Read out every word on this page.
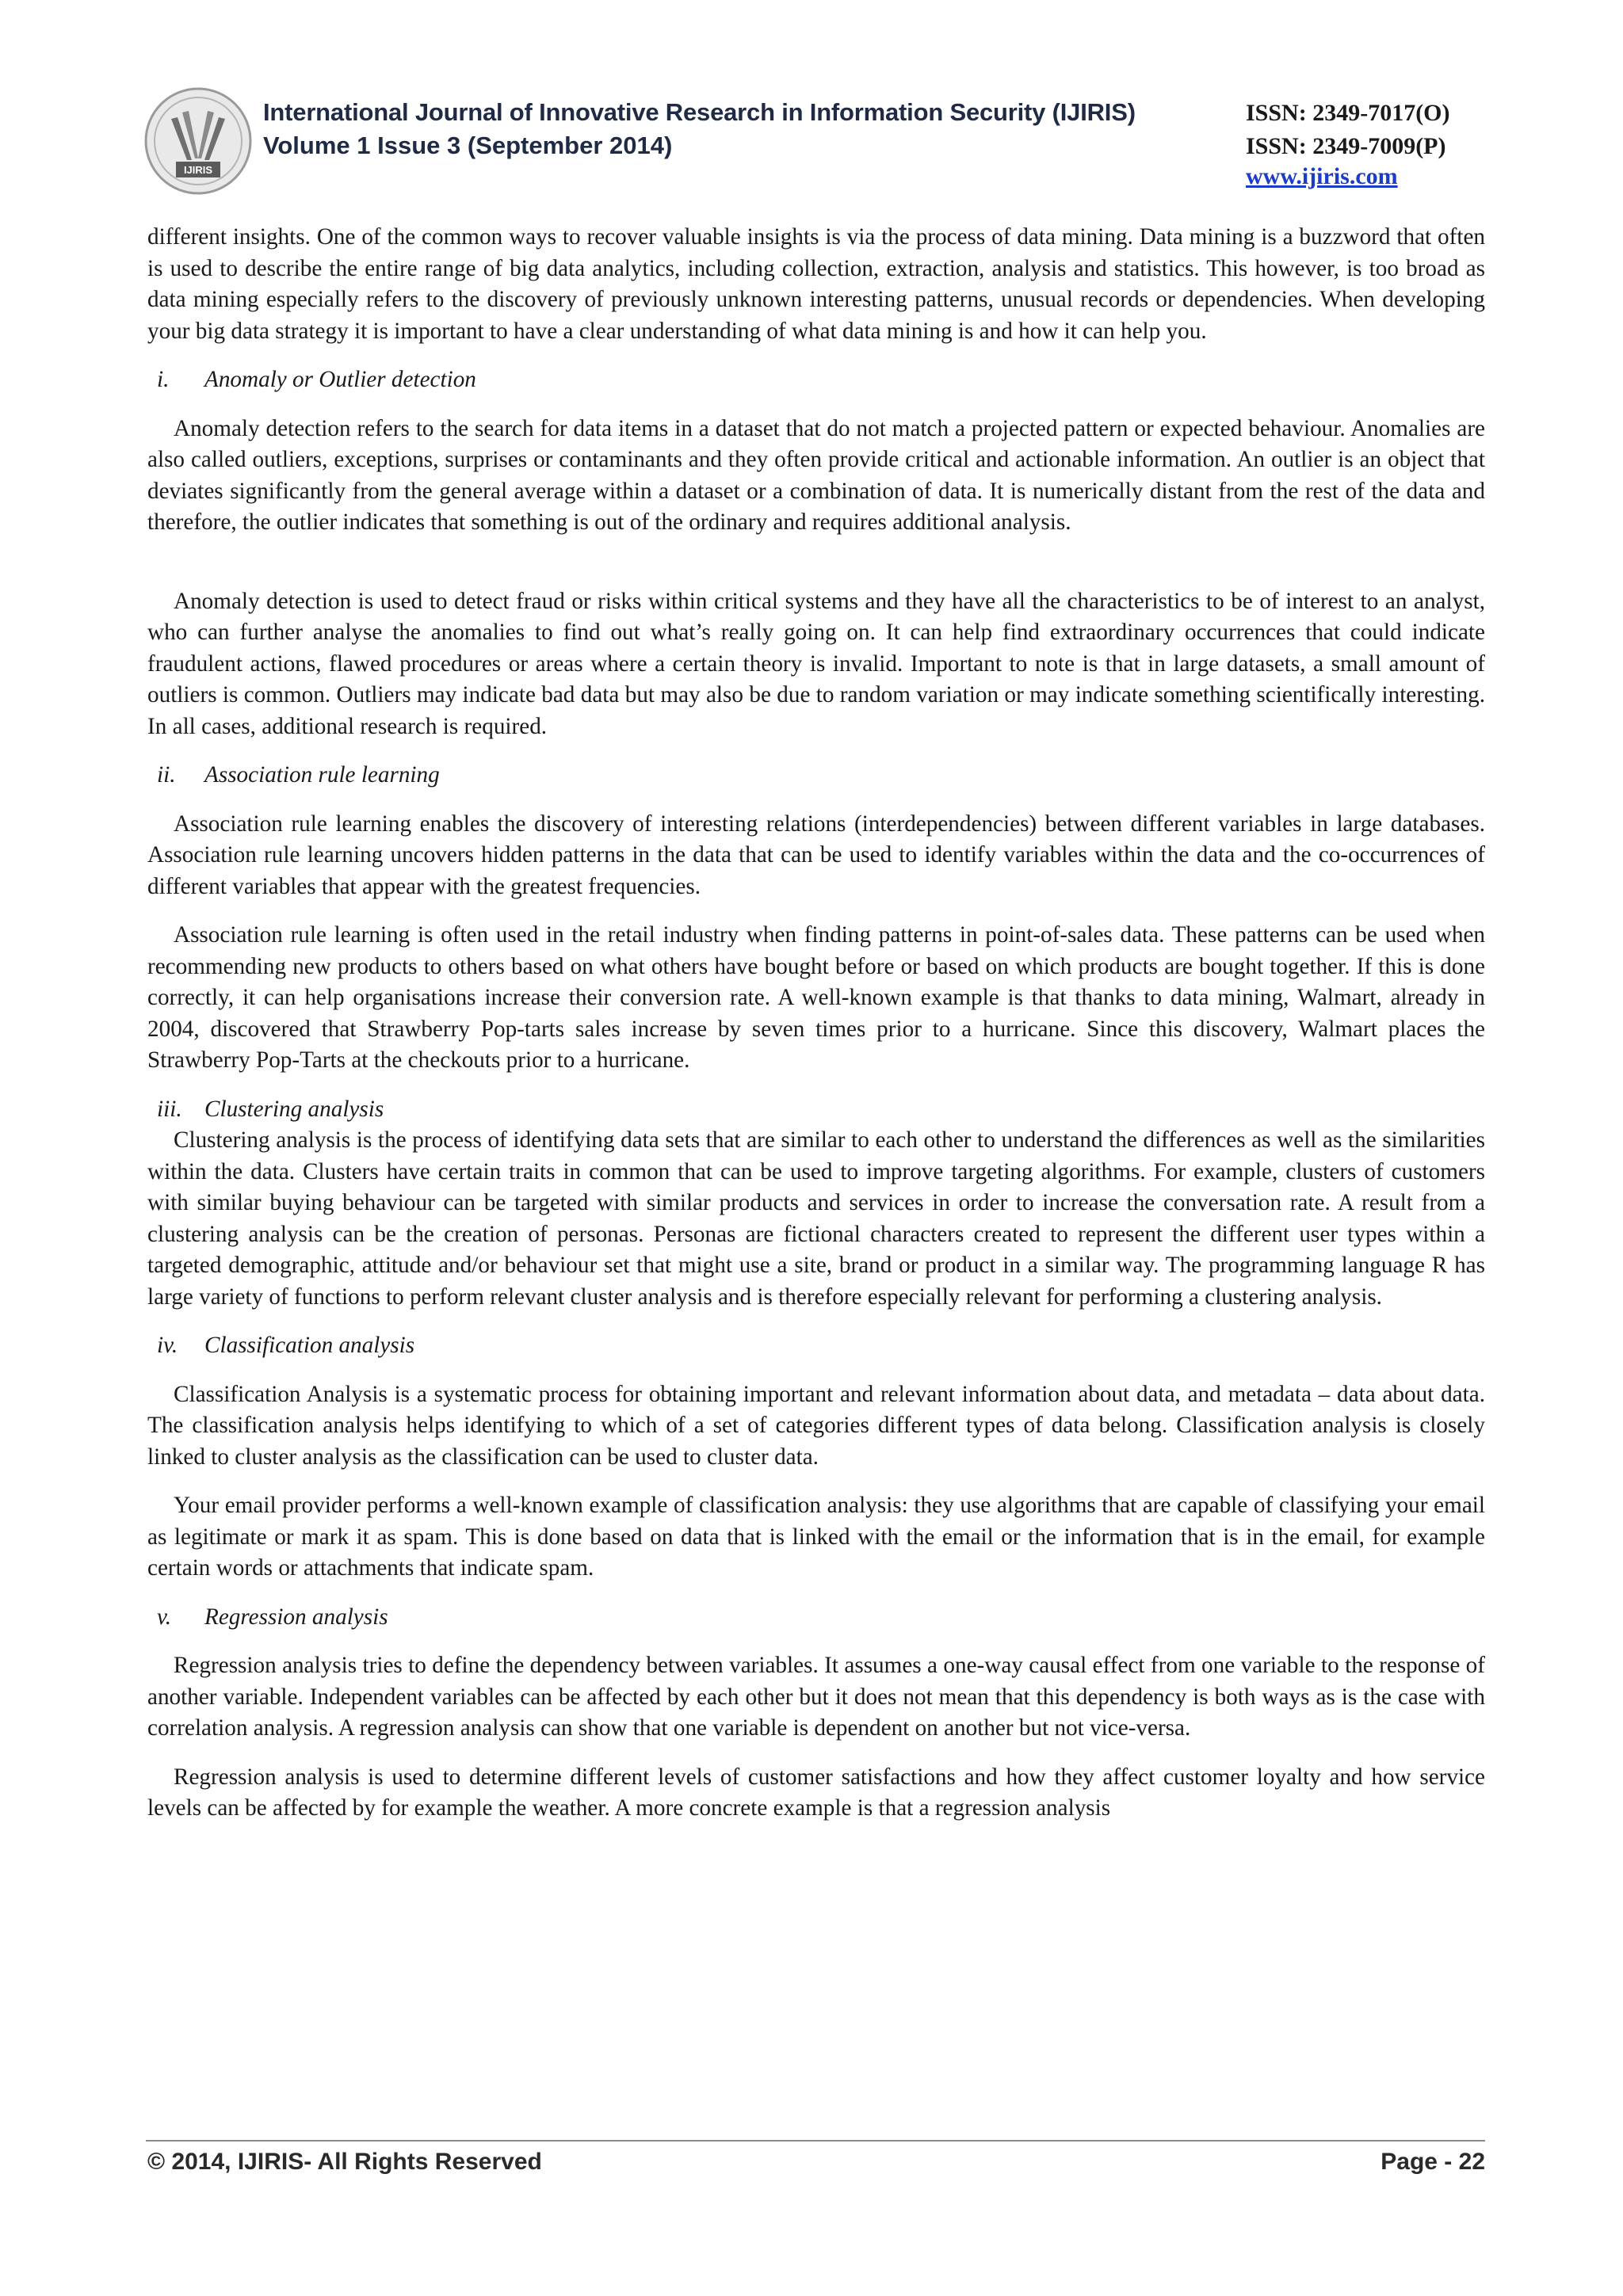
IJIRIS
International Journal of Innovative Research in Information Security (IJIRIS)
Volume 1 Issue 3 (September 2014)
ISSN: 2349-7017(O)
ISSN: 2349-7009(P)
www.ijiris.com

different insights. One of the common ways to recover valuable insights is via the process of data mining. Data mining is a buzzword that often is used to describe the entire range of big data analytics, including collection, extraction, analysis and statistics. This however, is too broad as data mining especially refers to the discovery of previously unknown interesting patterns, unusual records or dependencies. When developing your big data strategy it is important to have a clear understanding of what data mining is and how it can help you.

i. Anomaly or Outlier detection

Anomaly detection refers to the search for data items in a dataset that do not match a projected pattern or expected behaviour. Anomalies are also called outliers, exceptions, surprises or contaminants and they often provide critical and actionable information. An outlier is an object that deviates significantly from the general average within a dataset or a combination of data. It is numerically distant from the rest of the data and therefore, the outlier indicates that something is out of the ordinary and requires additional analysis.

Anomaly detection is used to detect fraud or risks within critical systems and they have all the characteristics to be of interest to an analyst, who can further analyse the anomalies to find out what’s really going on. It can help find extraordinary occurrences that could indicate fraudulent actions, flawed procedures or areas where a certain theory is invalid. Important to note is that in large datasets, a small amount of outliers is common. Outliers may indicate bad data but may also be due to random variation or may indicate something scientifically interesting. In all cases, additional research is required.

ii. Association rule learning

Association rule learning enables the discovery of interesting relations (interdependencies) between different variables in large databases. Association rule learning uncovers hidden patterns in the data that can be used to identify variables within the data and the co-occurrences of different variables that appear with the greatest frequencies.

Association rule learning is often used in the retail industry when finding patterns in point-of-sales data. These patterns can be used when recommending new products to others based on what others have bought before or based on which products are bought together. If this is done correctly, it can help organisations increase their conversion rate. A well-known example is that thanks to data mining, Walmart, already in 2004, discovered that Strawberry Pop-tarts sales increase by seven times prior to a hurricane. Since this discovery, Walmart places the Strawberry Pop-Tarts at the checkouts prior to a hurricane.

iii. Clustering analysis

Clustering analysis is the process of identifying data sets that are similar to each other to understand the differences as well as the similarities within the data. Clusters have certain traits in common that can be used to improve targeting algorithms. For example, clusters of customers with similar buying behaviour can be targeted with similar products and services in order to increase the conversation rate. A result from a clustering analysis can be the creation of personas. Personas are fictional characters created to represent the different user types within a targeted demographic, attitude and/or behaviour set that might use a site, brand or product in a similar way. The programming language R has large variety of functions to perform relevant cluster analysis and is therefore especially relevant for performing a clustering analysis.

iv. Classification analysis

Classification Analysis is a systematic process for obtaining important and relevant information about data, and metadata – data about data. The classification analysis helps identifying to which of a set of categories different types of data belong. Classification analysis is closely linked to cluster analysis as the classification can be used to cluster data.

Your email provider performs a well-known example of classification analysis: they use algorithms that are capable of classifying your email as legitimate or mark it as spam. This is done based on data that is linked with the email or the information that is in the email, for example certain words or attachments that indicate spam.

v. Regression analysis

Regression analysis tries to define the dependency between variables. It assumes a one-way causal effect from one variable to the response of another variable. Independent variables can be affected by each other but it does not mean that this dependency is both ways as is the case with correlation analysis. A regression analysis can show that one variable is dependent on another but not vice-versa.

Regression analysis is used to determine different levels of customer satisfactions and how they affect customer loyalty and how service levels can be affected by for example the weather. A more concrete example is that a regression analysis

© 2014, IJIRIS- All Rights Reserved	Page - 22
